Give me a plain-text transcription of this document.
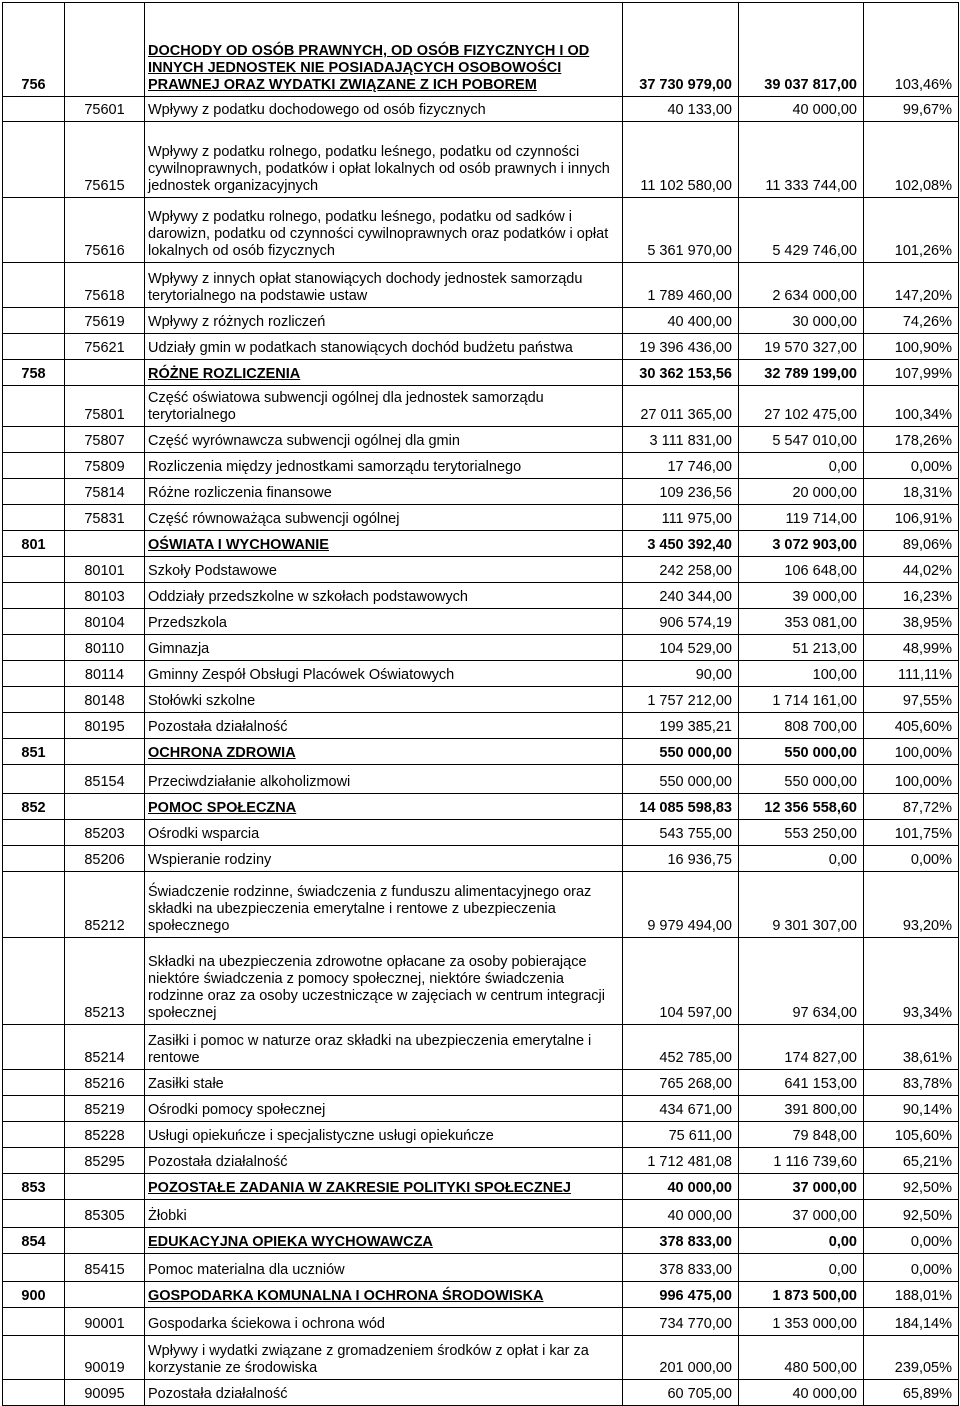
756		DOCHODY OD OSÓB PRAWNYCH, OD OSÓB FIZYCZNYCH I OD INNYCH JEDNOSTEK NIE POSIADAJĄCYCH OSOBOWOŚCI PRAWNEJ ORAZ WYDATKI ZWIĄZANE Z ICH POBOREM	37 730 979,00	39 037 817,00	103,46%
	75601	Wpływy z podatku dochodowego od osób fizycznych	40 133,00	40 000,00	99,67%
	75615	Wpływy z podatku rolnego, podatku leśnego, podatku od czynności cywilnoprawnych, podatków i opłat lokalnych od osób prawnych i innych jednostek organizacyjnych	11 102 580,00	11 333 744,00	102,08%
	75616	Wpływy z podatku rolnego, podatku leśnego, podatku od sadków i darowizn, podatku od czynności cywilnoprawnych oraz podatków i opłat lokalnych od osób fizycznych	5 361 970,00	5 429 746,00	101,26%
	75618	Wpływy z innych opłat stanowiących dochody jednostek samorządu terytorialnego na podstawie ustaw	1 789 460,00	2 634 000,00	147,20%
	75619	Wpływy z różnych rozliczeń	40 400,00	30 000,00	74,26%
	75621	Udziały gmin w podatkach stanowiących dochód budżetu państwa	19 396 436,00	19 570 327,00	100,90%
758		RÓŻNE ROZLICZENIA	30 362 153,56	32 789 199,00	107,99%
	75801	Część oświatowa subwencji ogólnej dla jednostek samorządu terytorialnego	27 011 365,00	27 102 475,00	100,34%
	75807	Część wyrównawcza subwencji ogólnej dla gmin	3 111 831,00	5 547 010,00	178,26%
	75809	Rozliczenia między jednostkami samorządu terytorialnego	17 746,00	0,00	0,00%
	75814	Różne rozliczenia finansowe	109 236,56	20 000,00	18,31%
	75831	Część równoważąca subwencji ogólnej	111 975,00	119 714,00	106,91%
801		OŚWIATA I WYCHOWANIE	3 450 392,40	3 072 903,00	89,06%
	80101	Szkoły Podstawowe	242 258,00	106 648,00	44,02%
	80103	Oddziały przedszkolne w szkołach podstawowych	240 344,00	39 000,00	16,23%
	80104	Przedszkola	906 574,19	353 081,00	38,95%
	80110	Gimnazja	104 529,00	51 213,00	48,99%
	80114	Gminny Zespół Obsługi Placówek Oświatowych	90,00	100,00	111,11%
	80148	Stołówki szkolne	1 757 212,00	1 714 161,00	97,55%
	80195	Pozostała działalność	199 385,21	808 700,00	405,60%
851		OCHRONA ZDROWIA	550 000,00	550 000,00	100,00%
	85154	Przeciwdziałanie alkoholizmowi	550 000,00	550 000,00	100,00%
852		POMOC SPOŁECZNA	14 085 598,83	12 356 558,60	87,72%
	85203	Ośrodki wsparcia	543 755,00	553 250,00	101,75%
	85206	Wspieranie rodziny	16 936,75	0,00	0,00%
	85212	Świadczenie rodzinne, świadczenia z funduszu alimentacyjnego oraz składki na ubezpieczenia emerytalne i rentowe z ubezpieczenia społecznego	9 979 494,00	9 301 307,00	93,20%
	85213	Składki na ubezpieczenia zdrowotne opłacane za osoby pobierające niektóre świadczenia z pomocy społecznej, niektóre świadczenia rodzinne oraz za osoby uczestniczące w zajęciach w centrum integracji społecznej	104 597,00	97 634,00	93,34%
	85214	Zasiłki i pomoc w naturze oraz składki na ubezpieczenia emerytalne i rentowe	452 785,00	174 827,00	38,61%
	85216	Zasiłki stałe	765 268,00	641 153,00	83,78%
	85219	Ośrodki pomocy społecznej	434 671,00	391 800,00	90,14%
	85228	Usługi opiekuńcze i specjalistyczne usługi opiekuńcze	75 611,00	79 848,00	105,60%
	85295	Pozostała działalność	1 712 481,08	1 116 739,60	65,21%
853		POZOSTAŁE ZADANIA W ZAKRESIE POLITYKI SPOŁECZNEJ	40 000,00	37 000,00	92,50%
	85305	Żłobki	40 000,00	37 000,00	92,50%
854		EDUKACYJNA OPIEKA WYCHOWAWCZA	378 833,00	0,00	0,00%
	85415	Pomoc materialna dla uczniów	378 833,00	0,00	0,00%
900		GOSPODARKA KOMUNALNA I OCHRONA ŚRODOWISKA	996 475,00	1 873 500,00	188,01%
	90001	Gospodarka ściekowa i ochrona wód	734 770,00	1 353 000,00	184,14%
	90019	Wpływy i wydatki związane z gromadzeniem środków z opłat i kar za korzystanie ze środowiska	201 000,00	480 500,00	239,05%
	90095	Pozostała działalność	60 705,00	40 000,00	65,89%
